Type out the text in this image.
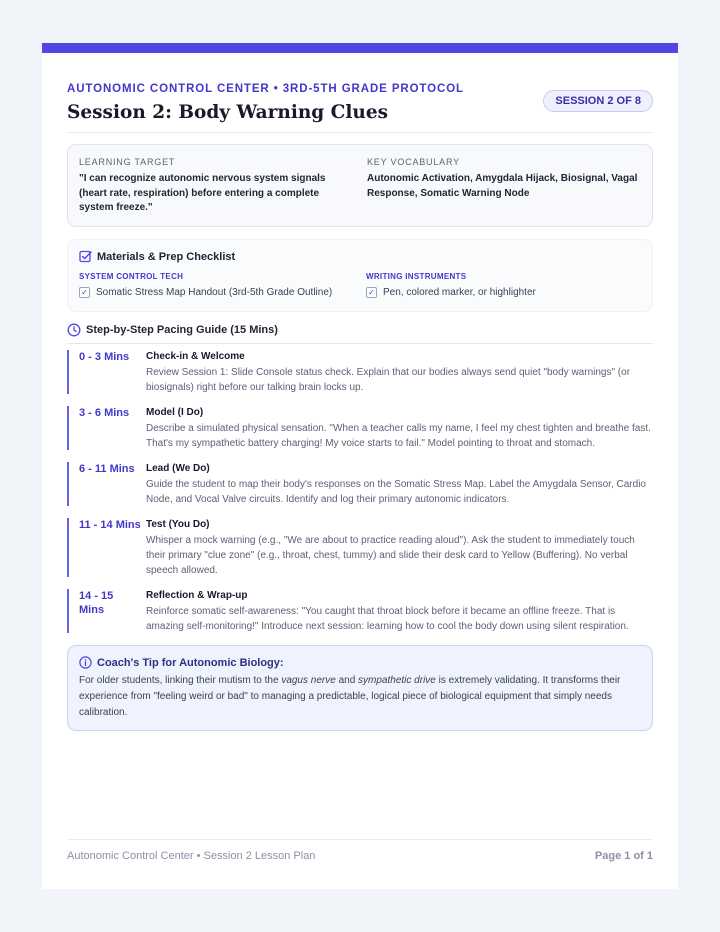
AUTONOMIC CONTROL CENTER • 3RD-5TH GRADE PROTOCOL
Session 2: Body Warning Clues
SESSION 2 OF 8
LEARNING TARGET
"I can recognize autonomic nervous system signals (heart rate, respiration) before entering a complete system freeze."
KEY VOCABULARY
Autonomic Activation, Amygdala Hijack, Biosignal, Vagal Response, Somatic Warning Node
Materials & Prep Checklist
SYSTEM CONTROL TECH
✓ Somatic Stress Map Handout (3rd-5th Grade Outline)
WRITING INSTRUMENTS
✓ Pen, colored marker, or highlighter
Step-by-Step Pacing Guide (15 Mins)
0 - 3 Mins	Check-in & Welcome
Review Session 1: Slide Console status check. Explain that our bodies always send quiet "body warnings" (or biosignals) right before our talking brain locks up.
3 - 6 Mins	Model (I Do)
Describe a simulated physical sensation. "When a teacher calls my name, I feel my chest tighten and breathe fast. That's my sympathetic battery charging! My voice starts to fail." Model pointing to throat and stomach.
6 - 11 Mins	Lead (We Do)
Guide the student to map their body's responses on the Somatic Stress Map. Label the Amygdala Sensor, Cardio Node, and Vocal Valve circuits. Identify and log their primary autonomic indicators.
11 - 14 Mins Test (You Do)
Whisper a mock warning (e.g., "We are about to practice reading aloud"). Ask the student to immediately touch their primary "clue zone" (e.g., throat, chest, tummy) and slide their desk card to Yellow (Buffering). No verbal speech allowed.
14 - 15 Mins
Reflection & Wrap-up
Reinforce somatic self-awareness: "You caught that throat block before it became an offline freeze. That is amazing self-monitoring!" Introduce next session: learning how to cool the body down using silent respiration.
Coach's Tip for Autonomic Biology:
For older students, linking their mutism to the vagus nerve and sympathetic drive is extremely validating. It transforms their experience from "feeling weird or bad" to managing a predictable, logical piece of biological equipment that simply needs calibration.
Autonomic Control Center • Session 2 Lesson Plan	Page 1 of 1
